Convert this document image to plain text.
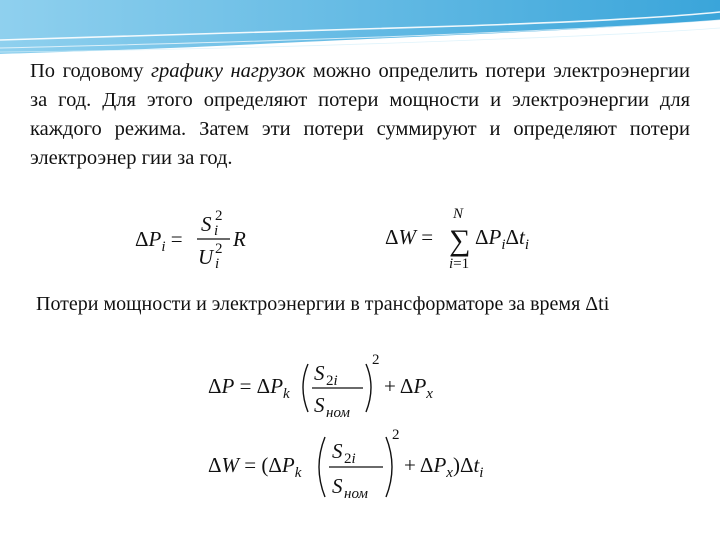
По годовому графику нагрузок можно определить потери электроэнергии за год. Для этого определяют потери мощности и электроэнергии для каждого режима. Затем эти потери суммируют и определяют потери электроэнер гии за год.
$\Delta P_i$ =
S i
2
U i
2 R	ΔW =
N
∑
i=1
$\Delta P_i\Delta t_i$
Потери мощности и электроэнергии в трансформаторе за время Δti
$\Delta P = \Delta P_k$
S 2i
S ном
2
+ $\Delta P_x$
$\Delta W = (\Delta P_k$
S 2i
S ном
2
+ $\Delta P_x)\Delta t_i$
